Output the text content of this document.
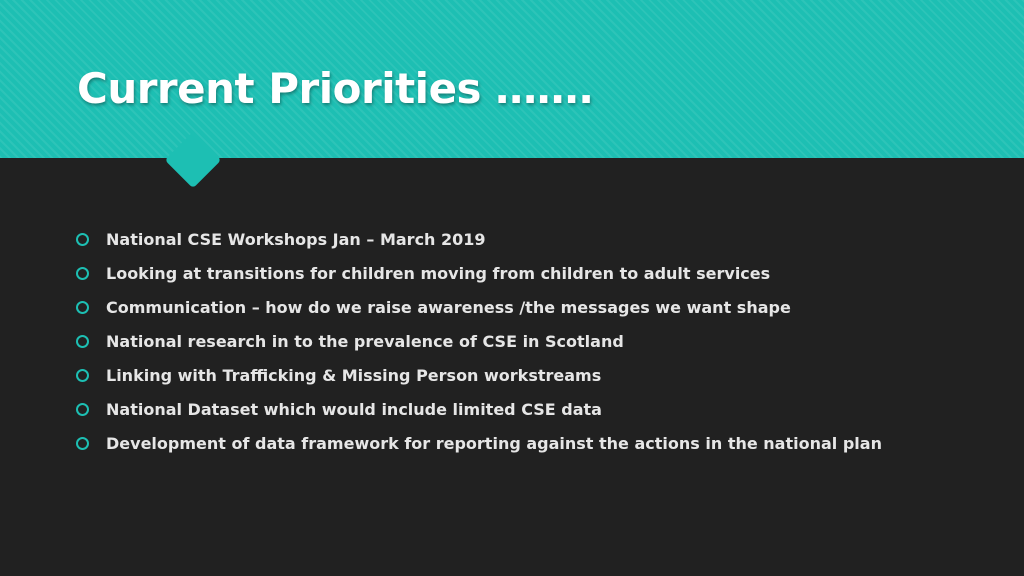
Current Priorities …….
National CSE Workshops Jan – March 2019
Looking at transitions for children moving from children to adult services
Communication – how do we raise awareness /the messages we want shape
National research in to the prevalence of CSE in Scotland
Linking with Trafficking & Missing Person workstreams
National Dataset which would include limited CSE data
Development of data framework for reporting against the actions in the national plan
